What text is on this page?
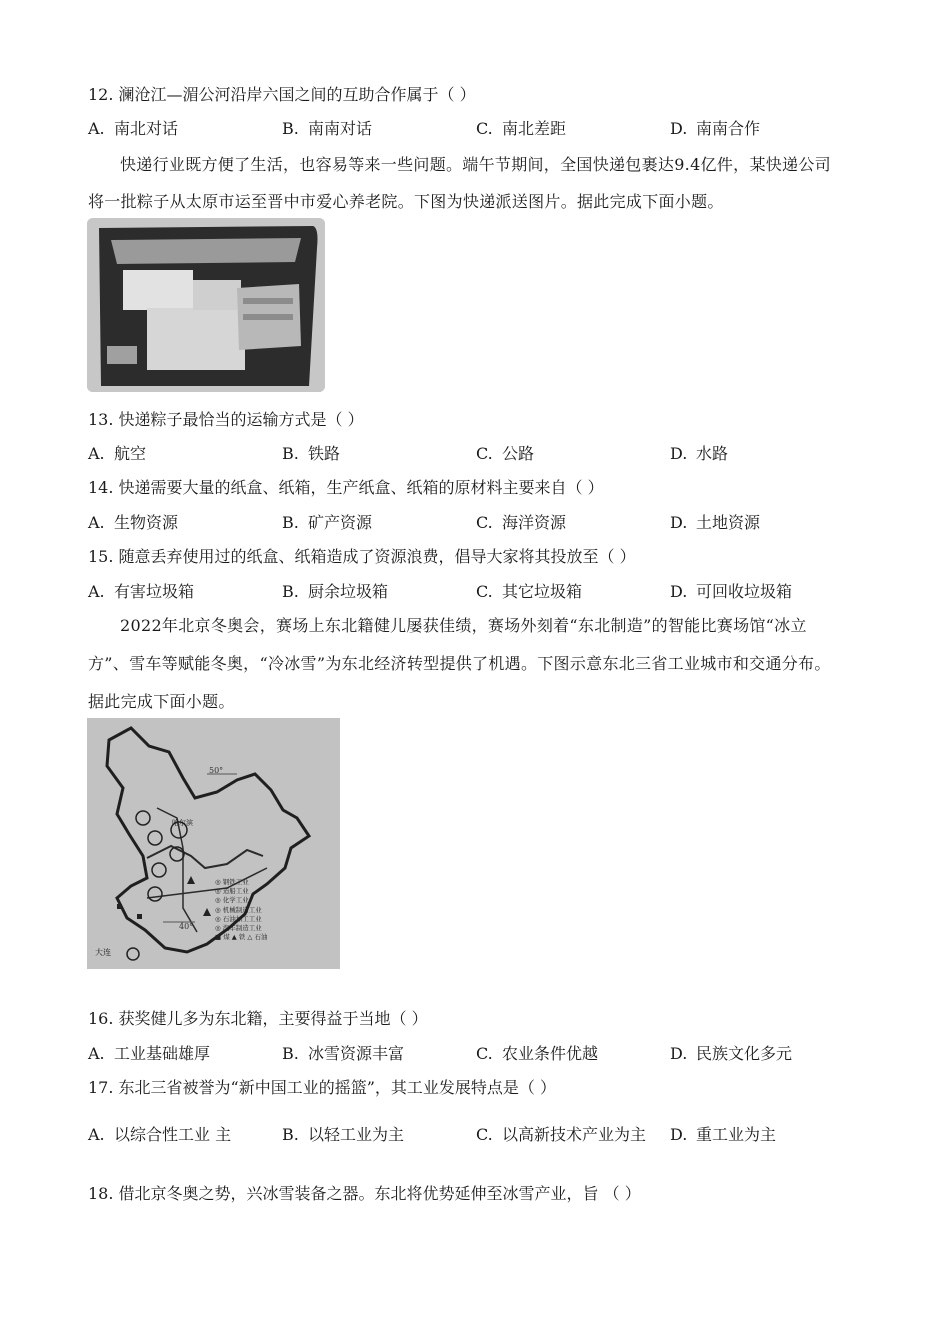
12. 澜沧江—湄公河沿岸六国之间的互助合作属于（ ）
A. 南北对话	B. 南南对话	C. 南北差距	D. 南南合作
快递行业既方便了生活，也容易等来一些问题。端午节期间，全国快递包裹达9.4亿件，某快递公司
将一批粽子从太原市运至晋中市爱心养老院。下图为快递派送图片。据此完成下面小题。
13. 快递粽子最恰当的运输方式是（ ）
A. 航空	B. 铁路	C. 公路	D. 水路
14. 快递需要大量的纸盒、纸箱，生产纸盒、纸箱的原材料主要来自（ ）
A. 生物资源	B. 矿产资源	C. 海洋资源	D. 土地资源
15. 随意丢弃使用过的纸盒、纸箱造成了资源浪费，倡导大家将其投放至（ ）
A. 有害垃圾箱	B. 厨余垃圾箱	C. 其它垃圾箱	D. 可回收垃圾箱
2022年北京冬奥会，赛场上东北籍健儿屡获佳绩，赛场外刻着“东北制造”的智能比赛场馆“冰立
方”、雪车等赋能冬奥，“冷冰雪”为东北经济转型提供了机遇。下图示意东北三省工业城市和交通分布。
据此完成下面小题。
50°
40°
哈尔滨
大连
◎ 钢铁工业
◎ 造船工业
◎ 化学工业
◎ 机械制造工业
◎ 石油加工工业
◎ 汽车制造工业
■ 煤 ▲ 铁 △ 石油
16. 获奖健儿多为东北籍，主要得益于当地（ ）
A. 工业基础雄厚	B. 冰雪资源丰富	C. 农业条件优越	D. 民族文化多元
17. 东北三省被誉为“新中国工业的摇篮”，其工业发展特点是（ ）
A. 以综合性工业 主	B. 以轻工业为主	C. 以高新技术产业为主 D. 重工业为主
18. 借北京冬奥之势，兴冰雪装备之器。东北将优势延伸至冰雪产业，旨 （ ）
